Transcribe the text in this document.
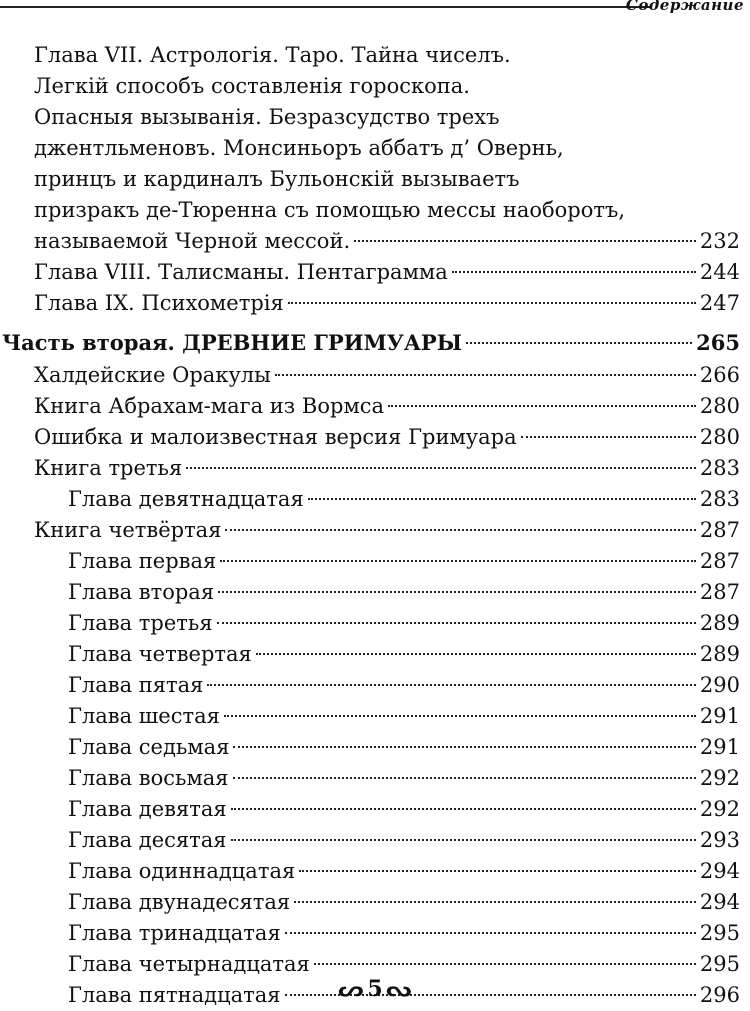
Содержание
Глава VII. Астрологія. Таро. Тайна чиселъ.
Легкій способъ составленія гороскопа.
Опасныя вызыванія. Безразсудство трехъ
джентльменовъ. Монсиньоръ аббатъ д’ Овернь,
принцъ и кардиналъ Бульонскій вызываетъ
призракъ де-Тюренна съ помощью мессы наоборотъ,
называемой Черной мессой.	232
Глава VIII. Талисманы. Пентаграмма	244
Глава IX. Психометрія	247
Часть вторая. ДРЕВНИЕ ГРИМУАРЫ	265
Халдейские Оракулы	266
Книга Абрахам-мага из Вормса	280
Ошибка и малоизвестная версия Гримуара	280
Книга третья	283
Глава девятнадцатая	283
Книга четвёртая	287
Глава первая	287
Глава вторая	287
Глава третья	289
Глава четвертая	289
Глава пятая	290
Глава шестая	291
Глава седьмая	291
Глава восьмая	292
Глава девятая	292
Глава десятая	293
Глава одиннадцатая	294
Глава двунадесятая	294
Глава тринадцатая	295
Глава четырнадцатая	295
Глава пятнадцатая	296
ᔕ 5 ᔓ
